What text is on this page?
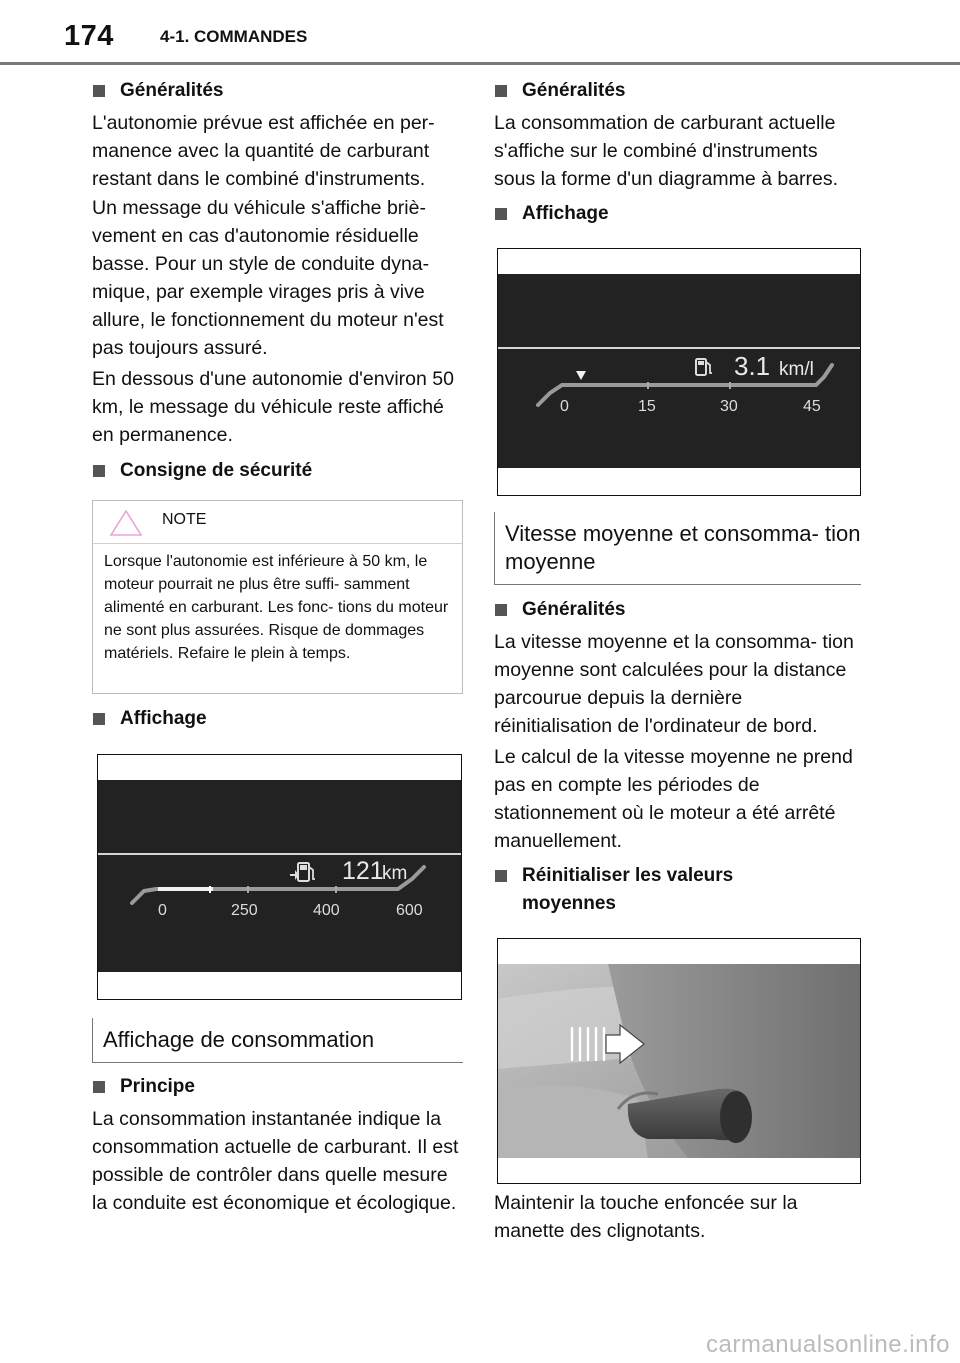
174	4-1. COMMANDES
Généralités
L'autonomie prévue est affichée en per- manence avec la quantité de carburant restant dans le combiné d'instruments.
Un message du véhicule s'affiche briè- vement en cas d'autonomie résiduelle basse. Pour un style de conduite dyna- mique, par exemple virages pris à vive allure, le fonctionnement du moteur n'est pas toujours assuré.
En dessous d'une autonomie d'environ 50 km, le message du véhicule reste affiché en permanence.
Consigne de sécurité
NOTE
Lorsque l'autonomie est inférieure à 50 km, le moteur pourrait ne plus être suffi- samment alimenté en carburant. Les fonc- tions du moteur ne sont plus assurées. Risque de dommages matériels. Refaire le plein à temps.
Affichage
121
km
0	250	400	600
Affichage de consommation
Principe
La consommation instantanée indique la consommation actuelle de carburant. Il est possible de contrôler dans quelle mesure la conduite est économique et écologique.
Généralités
La consommation de carburant actuelle s'affiche sur le combiné d'instruments sous la forme d'un diagramme à barres.
Affichage
3.1 km/l
0	15	30	45
Vitesse moyenne et consomma- tion moyenne
Généralités
La vitesse moyenne et la consomma- tion moyenne sont calculées pour la distance parcourue depuis la dernière réinitialisation de l'ordinateur de bord.
Le calcul de la vitesse moyenne ne prend pas en compte les périodes de stationnement où le moteur a été arrêté manuellement.
Réinitialiser les valeurs moyennes
Maintenir la touche enfoncée sur la manette des clignotants.
carmanualsonline.info
